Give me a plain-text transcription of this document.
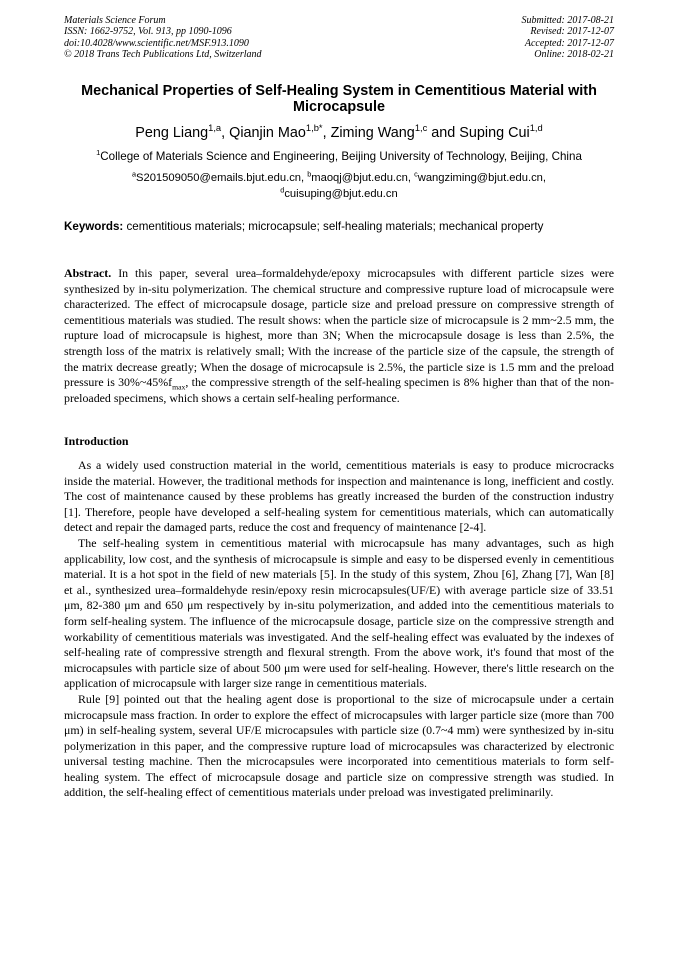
Materials Science Forum
ISSN: 1662-9752, Vol. 913, pp 1090-1096
doi:10.4028/www.scientific.net/MSF.913.1090
© 2018 Trans Tech Publications Ltd, Switzerland
Submitted: 2017-08-21
Revised: 2017-12-07
Accepted: 2017-12-07
Online: 2018-02-21
Mechanical Properties of Self-Healing System in Cementitious Material with Microcapsule
Peng Liang$^{1,a}$, Qianjin Mao$^{1,b*}$, Ziming Wang$^{1,c}$ and Suping Cui$^{1,d}$
$^1$College of Materials Science and Engineering, Beijing University of Technology, Beijing, China
$^a$S201509050@emails.bjut.edu.cn, $^b$maoqj@bjut.edu.cn, $^c$wangziming@bjut.edu.cn,
$^d$cuisuping@bjut.edu.cn
Keywords: cementitious materials; microcapsule; self-healing materials; mechanical property

Abstract. In this paper, several urea–formaldehyde/epoxy microcapsules with different particle sizes were synthesized by in-situ polymerization. The chemical structure and compressive rupture load of microcapsule were characterized. The effect of microcapsule dosage, particle size and preload pressure on compressive strength of cementitious materials was studied. The result shows: when the particle size of microcapsule is 2 mm~2.5 mm, the rupture load of microcapsule is highest, more than 3N; When the microcapsule dosage is less than 2.5%, the strength loss of the matrix is relatively small; With the increase of the particle size of the capsule, the strength of the matrix decrease greatly; When the dosage of microcapsule is 2.5%, the particle size is 1.5 mm and the preload pressure is $30\%\sim 45\%f_{max}$, the compressive strength of the self-healing specimen is 8% higher than that of the non-preloaded specimens, which shows a certain self-healing performance.

Introduction

As a widely used construction material in the world, cementitious materials is easy to produce microcracks inside the material. However, the traditional methods for inspection and maintenance is long, inefficient and costly. The cost of maintenance caused by these problems has greatly increased the burden of the construction industry [1]. Therefore, people have developed a self-healing system for cementitious materials, which can automatically detect and repair the damaged parts, reduce the cost and frequency of maintenance [2-4].

The self-healing system in cementitious material with microcapsule has many advantages, such as high applicability, low cost, and the synthesis of microcapsule is simple and easy to be dispersed evenly in cementitious material. It is a hot spot in the field of new materials [5]. In the study of this system, Zhou [6], Zhang [7], Wan [8] et al., synthesized urea–formaldehyde resin/epoxy resin microcapsules(UF/E) with average particle size of 33.51 μm, 82-380 μm and 650 μm respectively by in-situ polymerization, and added into the cementitious materials to form self-healing system. The influence of the microcapsule dosage, particle size on the compressive strength and workability of cementitious materials was investigated. And the self-healing effect was evaluated by the indexes of self-healing rate of compressive strength and flexural strength. From the above work, it's found that most of the microcapsules with particle size of about 500 μm were used for self-healing. However, there's little research on the application of microcapsule with larger size range in cementitious materials.

Rule [9] pointed out that the healing agent dose is proportional to the size of microcapsule under a certain microcapsule mass fraction. In order to explore the effect of microcapsules with larger particle size (more than 700 μm) in self-healing system, several UF/E microcapsules with particle size (0.7~4 mm) were synthesized by in-situ polymerization in this paper, and the compressive rupture load of microcapsules was characterized by electronic universal testing machine. Then the microcapsules were incorporated into cementitious materials to form self-healing system. The effect of microcapsule dosage and particle size on compressive strength was studied. In addition, the self-healing effect of cementitious materials under preload was investigated preliminarily.
